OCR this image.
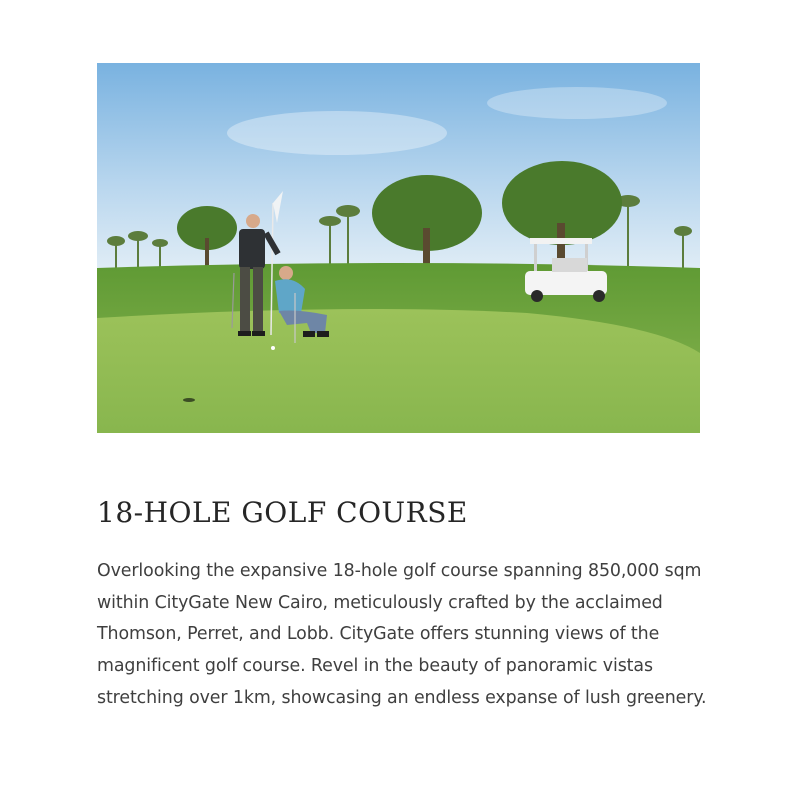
18-HOLE GOLF COURSE

Overlooking the expansive 18-hole golf course spanning 850,000 sqm within CityGate New Cairo, meticulously crafted by the acclaimed Thomson, Perret, and Lobb. CityGate offers stunning views of the magnificent golf course. Revel in the beauty of panoramic vistas stretching over 1km, showcasing an endless expanse of lush greenery.
